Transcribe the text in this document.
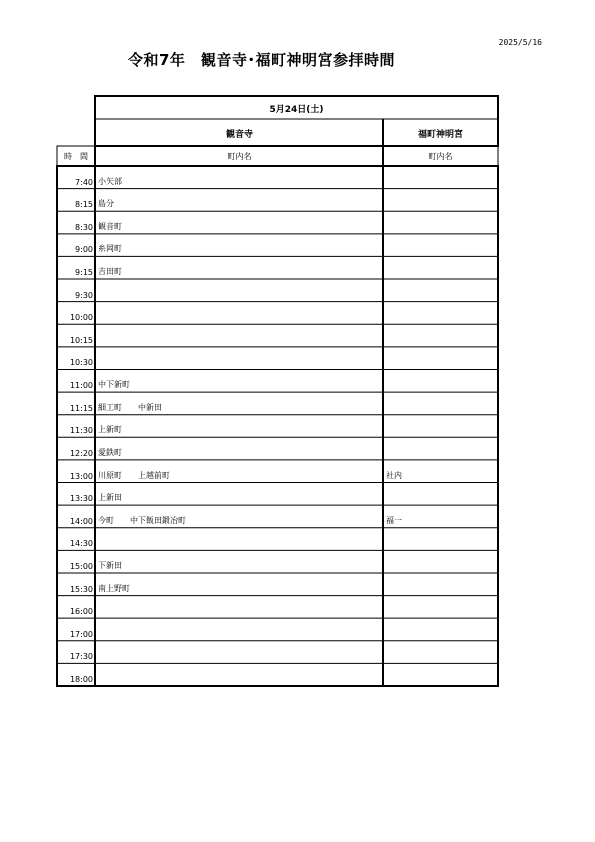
2025/5/16
令和7年　観音寺･福町神明宮参拝時間
5月24日(土)
観音寺	福町神明宮
時　間	町内名	町内名
7:40 小矢部
8:15 島分
8:30 観音町
9:00 糸岡町
9:15 吉田町
9:30
10:00
10:15
10:30
11:00 中下新町
11:15 細工町　　中新田
11:30 上新町
12:20 愛鉄町
13:00 川原町　　上越前町	社内
13:30 上新田
14:00 今町　　中下飯田鍛冶町	福一
14:30
15:00 下新田
15:30 南上野町
16:00
17:00
17:30
18:00
